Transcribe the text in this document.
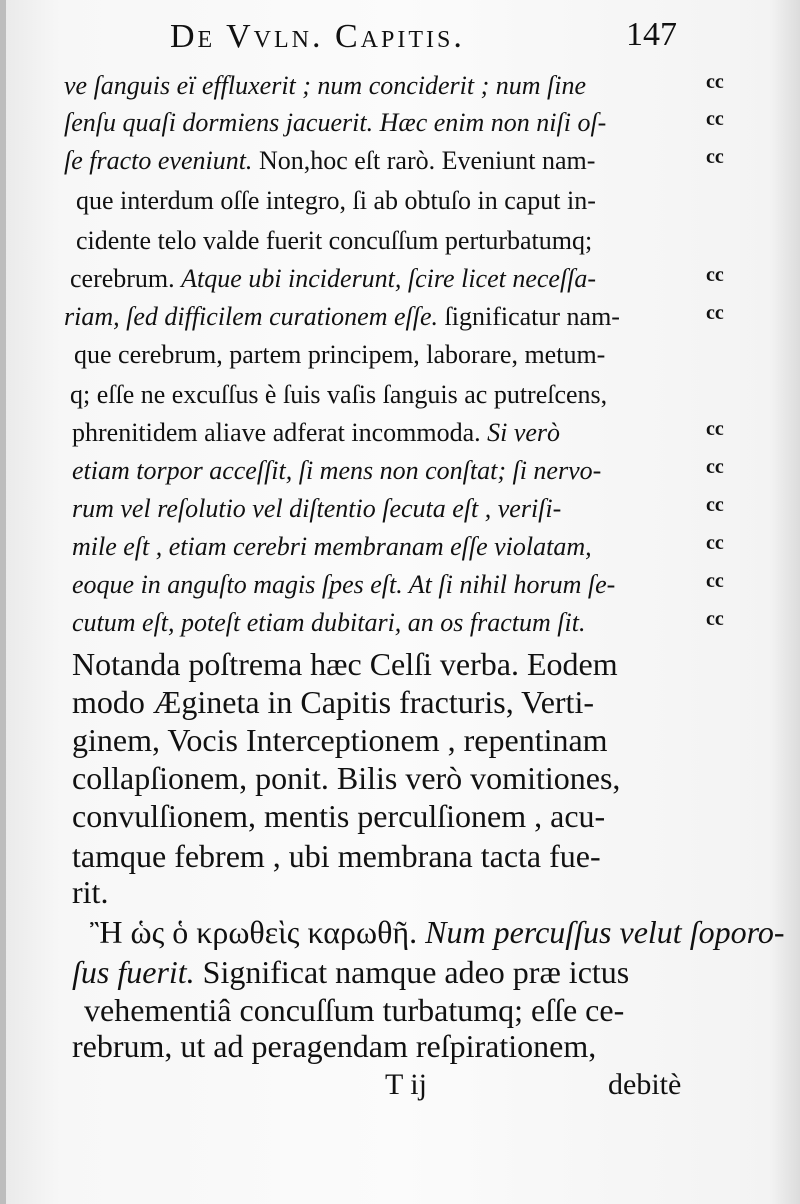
De Vvln. Capitis.	147
ve ſanguis eï effluxerit ; num conciderit ; num ſine	cc
ſenſu quaſi dormiens jacuerit. Hæc enim non niſi oſ-	cc
ſe fracto eveniunt. Non,hoc eſt rarò. Eveniunt nam-	cc
que interdum oſſe integro, ſi ab obtuſo in caput in-
cidente telo valde fuerit concuſſum perturbatumq;
cerebrum. Atque ubi inciderunt, ſcire licet neceſſa-	cc
riam, ſed difficilem curationem eſſe. ſignificatur nam-	cc
que cerebrum, partem principem, laborare, metum-
q; eſſe ne excuſſus è ſuis vaſis ſanguis ac putreſcens,
phrenitidem aliave adferat incommoda. Si verò	cc
etiam torpor acceſſit, ſi mens non conſtat; ſi nervo-	cc
rum vel reſolutio vel diſtentio ſecuta eſt , veriſi-	cc
mile eſt , etiam cerebri membranam eſſe violatam,	cc
eoque in anguſto magis ſpes eſt. At ſi nihil horum ſe-	cc
cutum eſt, poteſt etiam dubitari, an os fractum ſit.	cc
Notanda poſtrema hæc Celſi verba. Eodem
modo Ægineta in Capitis fracturis, Verti-
ginem, Vocis Interceptionem , repentinam
collapſionem, ponit. Bilis verò vomitiones,
convulſionem, mentis perculſionem , acu-
tamque febrem , ubi membrana tacta fue-
rit.
Ἢ ὡς ὁ κρωθεὶς καρωθῆ. Num percuſſus velut ſoporo-
ſus fuerit. Significat namque adeo præ ictus
vehementiâ concuſſum turbatumq; eſſe ce-
rebrum, ut ad peragendam reſpirationem,
T ij	debitè
